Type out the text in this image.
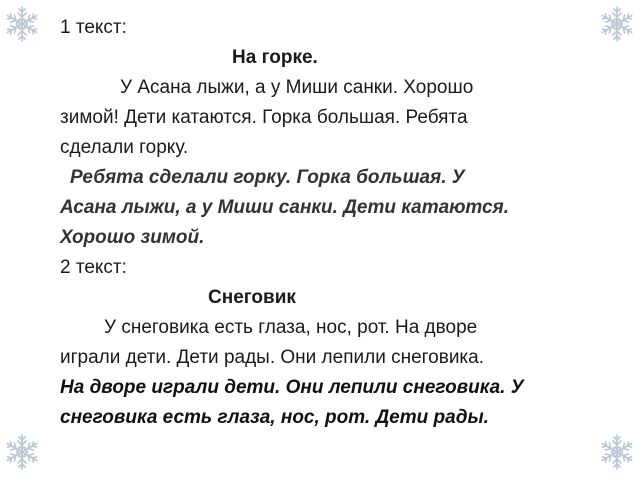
1 текст:
На горке.
У Асана лыжи, а у Миши санки. Хорошо
зимой! Дети катаются. Горка большая. Ребята
сделали горку.
Ребята сделали горку. Горка большая. У
Асана лыжи, а у Миши санки. Дети катаются.
Хорошо зимой.
2 текст:
Снеговик
У снеговика есть глаза, нос, рот. На дворе
играли дети. Дети рады. Они лепили снеговика.
На дворе играли дети. Они лепили снеговика. У
снеговика есть глаза, нос, рот. Дети рады.
